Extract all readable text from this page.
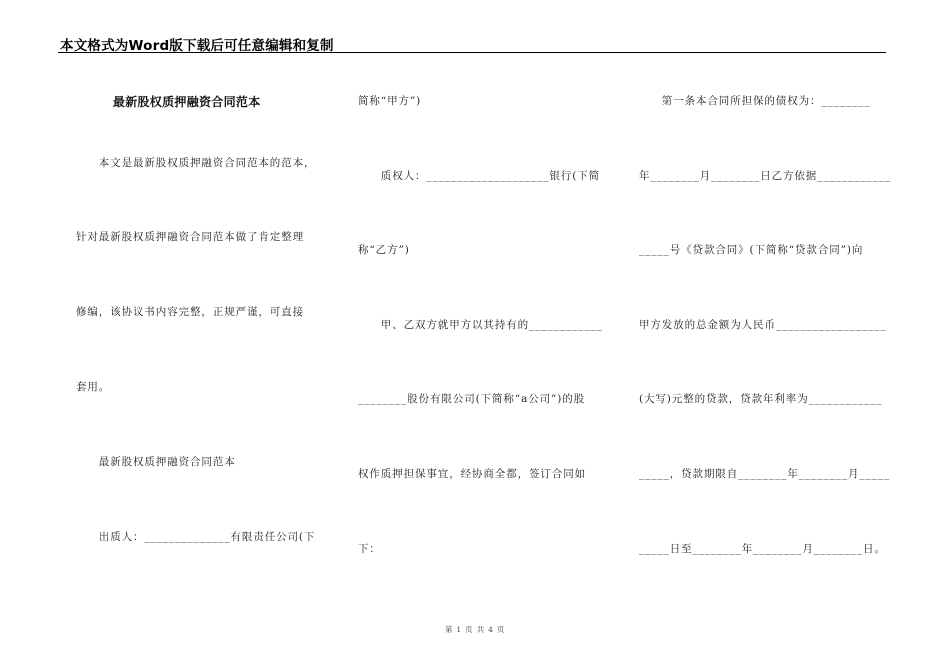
本文格式为Word版下载后可任意编辑和复制
　　　最新股权质押融资合同范本
　　本文是最新股权质押融资合同范本的范本，
针对最新股权质押融资合同范本做了肯定整理
修编，该协议书内容完整，正规严谨，可直接
套用。
　　最新股权质押融资合同范本
　　出质人：______________有限责任公司(下
简称“甲方”)
　　质权人：____________________银行(下简
称“乙方”)
　　甲、乙双方就甲方以其持有的____________
________股份有限公司(下简称“a公司”)的股
权作质押担保事宜，经协商全都，签订合同如
下：
　　第一条本合同所担保的债权为：________
年________月________日乙方依据____________
_____号《贷款合同》(下简称“贷款合同”)向
甲方发放的总金额为人民币__________________
(大写)元整的贷款，贷款年利率为____________
_____，贷款期限自________年________月_____
_____日至________年________月________日。
第 1 页 共 4 页
